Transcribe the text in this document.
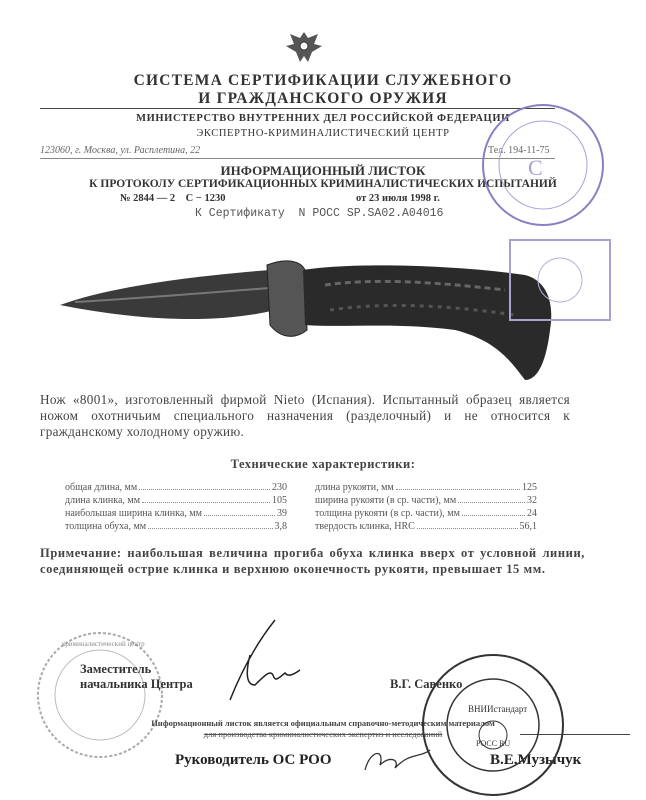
СИСТЕМА СЕРТИФИКАЦИИ СЛУЖЕБНОГО
И ГРАЖДАНСКОГО ОРУЖИЯ
МИНИСТЕРСТВО ВНУТРЕННИХ ДЕЛ РОССИЙСКОЙ ФЕДЕРАЦИИ
ЭКСПЕРТНО-КРИМИНАЛИСТИЧЕСКИЙ ЦЕНТР
123060, г. Москва, ул. Расплетина, 22	Тел. 194-11-75
ИНФОРМАЦИОННЫЙ ЛИСТОК
К ПРОТОКОЛУ СЕРТИФИКАЦИОННЫХ КРИМИНАЛИСТИЧЕСКИХ ИСПЫТАНИЙ
№ 2844 — 2    С − 1230	от 23 июля 1998 г.
К Сертификату  N РОСС SP.SA02.A04016
Нож «8001», изготовленный фирмой Nieto (Испания). Испытанный образец является ножом охотничьим специального назначения (разделочный) и не относится к гражданскому холодному оружию.
Технические характеристики:
общая длина, мм	230
длина клинка, мм	105
наибольшая ширина клинка, мм	39
толщина обуха, мм	3,8
длина рукояти, мм	125
ширина рукояти (в ср. части), мм	32
толщина рукояти (в ср. части), мм	24
твердость клинка, HRC	56,1
Примечание: наибольшая величина прогиба обуха клинка вверх от условной линии, соединяющей острие клинка и верхнюю оконечность рукояти, превышает 15 мм.
C
криминалистический центр
Заместитель
начальника Центра	В.Г. Савенко
Информационный листок является официальным справочно-методическим материалом
для производства криминалистических экспертиз и исследований
Руководитель ОС РОО	В.Е.Музычук
ВНИИстандарт
РОСС RU
